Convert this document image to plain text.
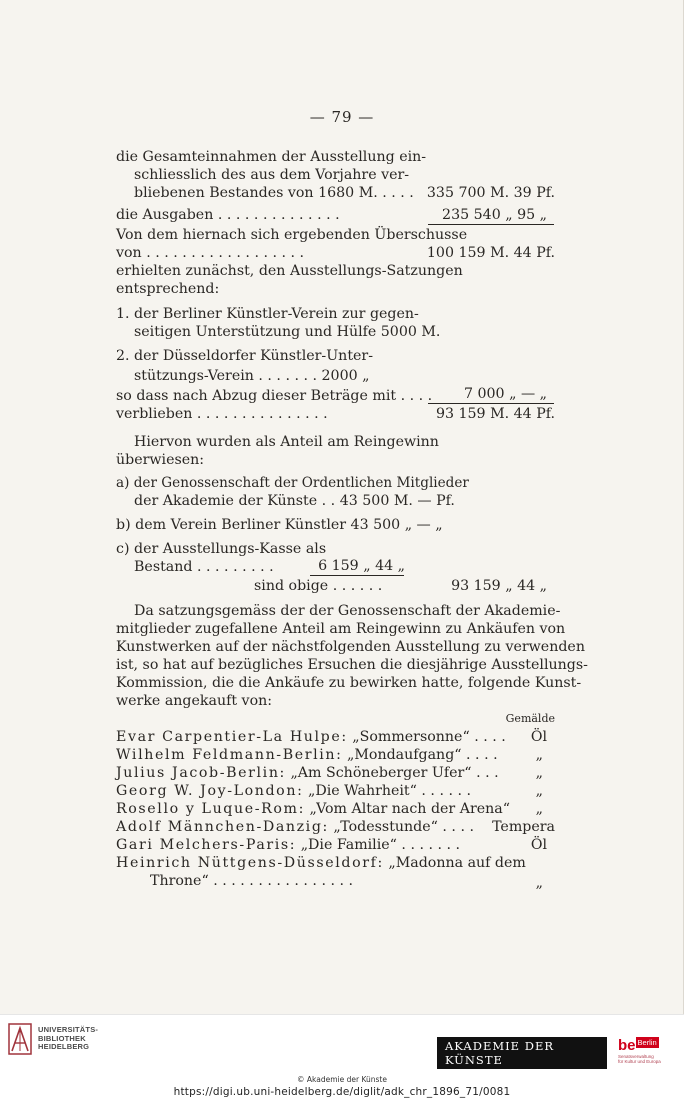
— 79 —
die Gesamteinnahmen der Ausstellung ein-
schliesslich des aus dem Vorjahre ver-
bliebenen Bestandes von 1680 M. . . . . 335 700 M. 39 Pf.
die Ausgaben . . . . . . . . . . . . . .	235 540 „ 95 „
Von dem hiernach sich ergebenden Überschusse
von . . . . . . . . . . . . . . . . . .	100 159 M. 44 Pf.
erhielten zunächst, den Ausstellungs-Satzungen
entsprechend:
1. der Berliner Künstler-Verein zur gegen-
seitigen Unterstützung und Hülfe 5000 M.
2. der Düsseldorfer Künstler-Unter-
stützungs-Verein . . . . . . . 2000 „
so dass nach Abzug dieser Beträge mit . . . . 7 000 „ — „
verblieben . . . . . . . . . . . . . . .	93 159 M. 44 Pf.
Hiervon wurden als Anteil am Reingewinn
überwiesen:
a) der Genossenschaft der Ordentlichen Mitglieder
der Akademie der Künste . . 43 500 M. — Pf.
b) dem Verein Berliner Künstler 43 500 „ — „
c) der Ausstellungs-Kasse als
Bestand . . . . . . . . .	6 159 „ 44 „
sind obige . . . . . .	93 159 „ 44 „
Da satzungsgemäss der der Genossenschaft der Akademie-
mitglieder zugefallene Anteil am Reingewinn zu Ankäufen von
Kunstwerken auf der nächstfolgenden Ausstellung zu verwenden
ist, so hat auf bezügliches Ersuchen die diesjährige Ausstellungs-
Kommission, die die Ankäufe zu bewirken hatte, folgende Kunst-
werke angekauft von:
Gemälde
Evar Carpentier-La Hulpe: „Sommersonne“ . . . . Öl
Wilhelm Feldmann-Berlin: „Mondaufgang“ . . . .	„
Julius Jacob-Berlin: „Am Schöneberger Ufer“ . . .	„
Georg W. Joy-London: „Die Wahrheit“ . . . . . .	„
Rosello y Luque-Rom: „Vom Altar nach der Arena“ „
Adolf Männchen-Danzig: „Todesstunde“ . . . . Tempera
Gari Melchers-Paris: „Die Familie“ . . . . . . .	Öl
Heinrich Nüttgens-Düsseldorf: „Madonna auf dem
Throne“ . . . . . . . . . . . . . . . .	„
UNIVERSITÄTS-
BIBLIOTHEK
HEIDELBERG	AKADEMIE DER KÜNSTE
be Berlin
Senatsverwaltung
für Kultur und Europa
© Akademie der Künste
https://digi.ub.uni-heidelberg.de/diglit/adk_chr_1896_71/0081
